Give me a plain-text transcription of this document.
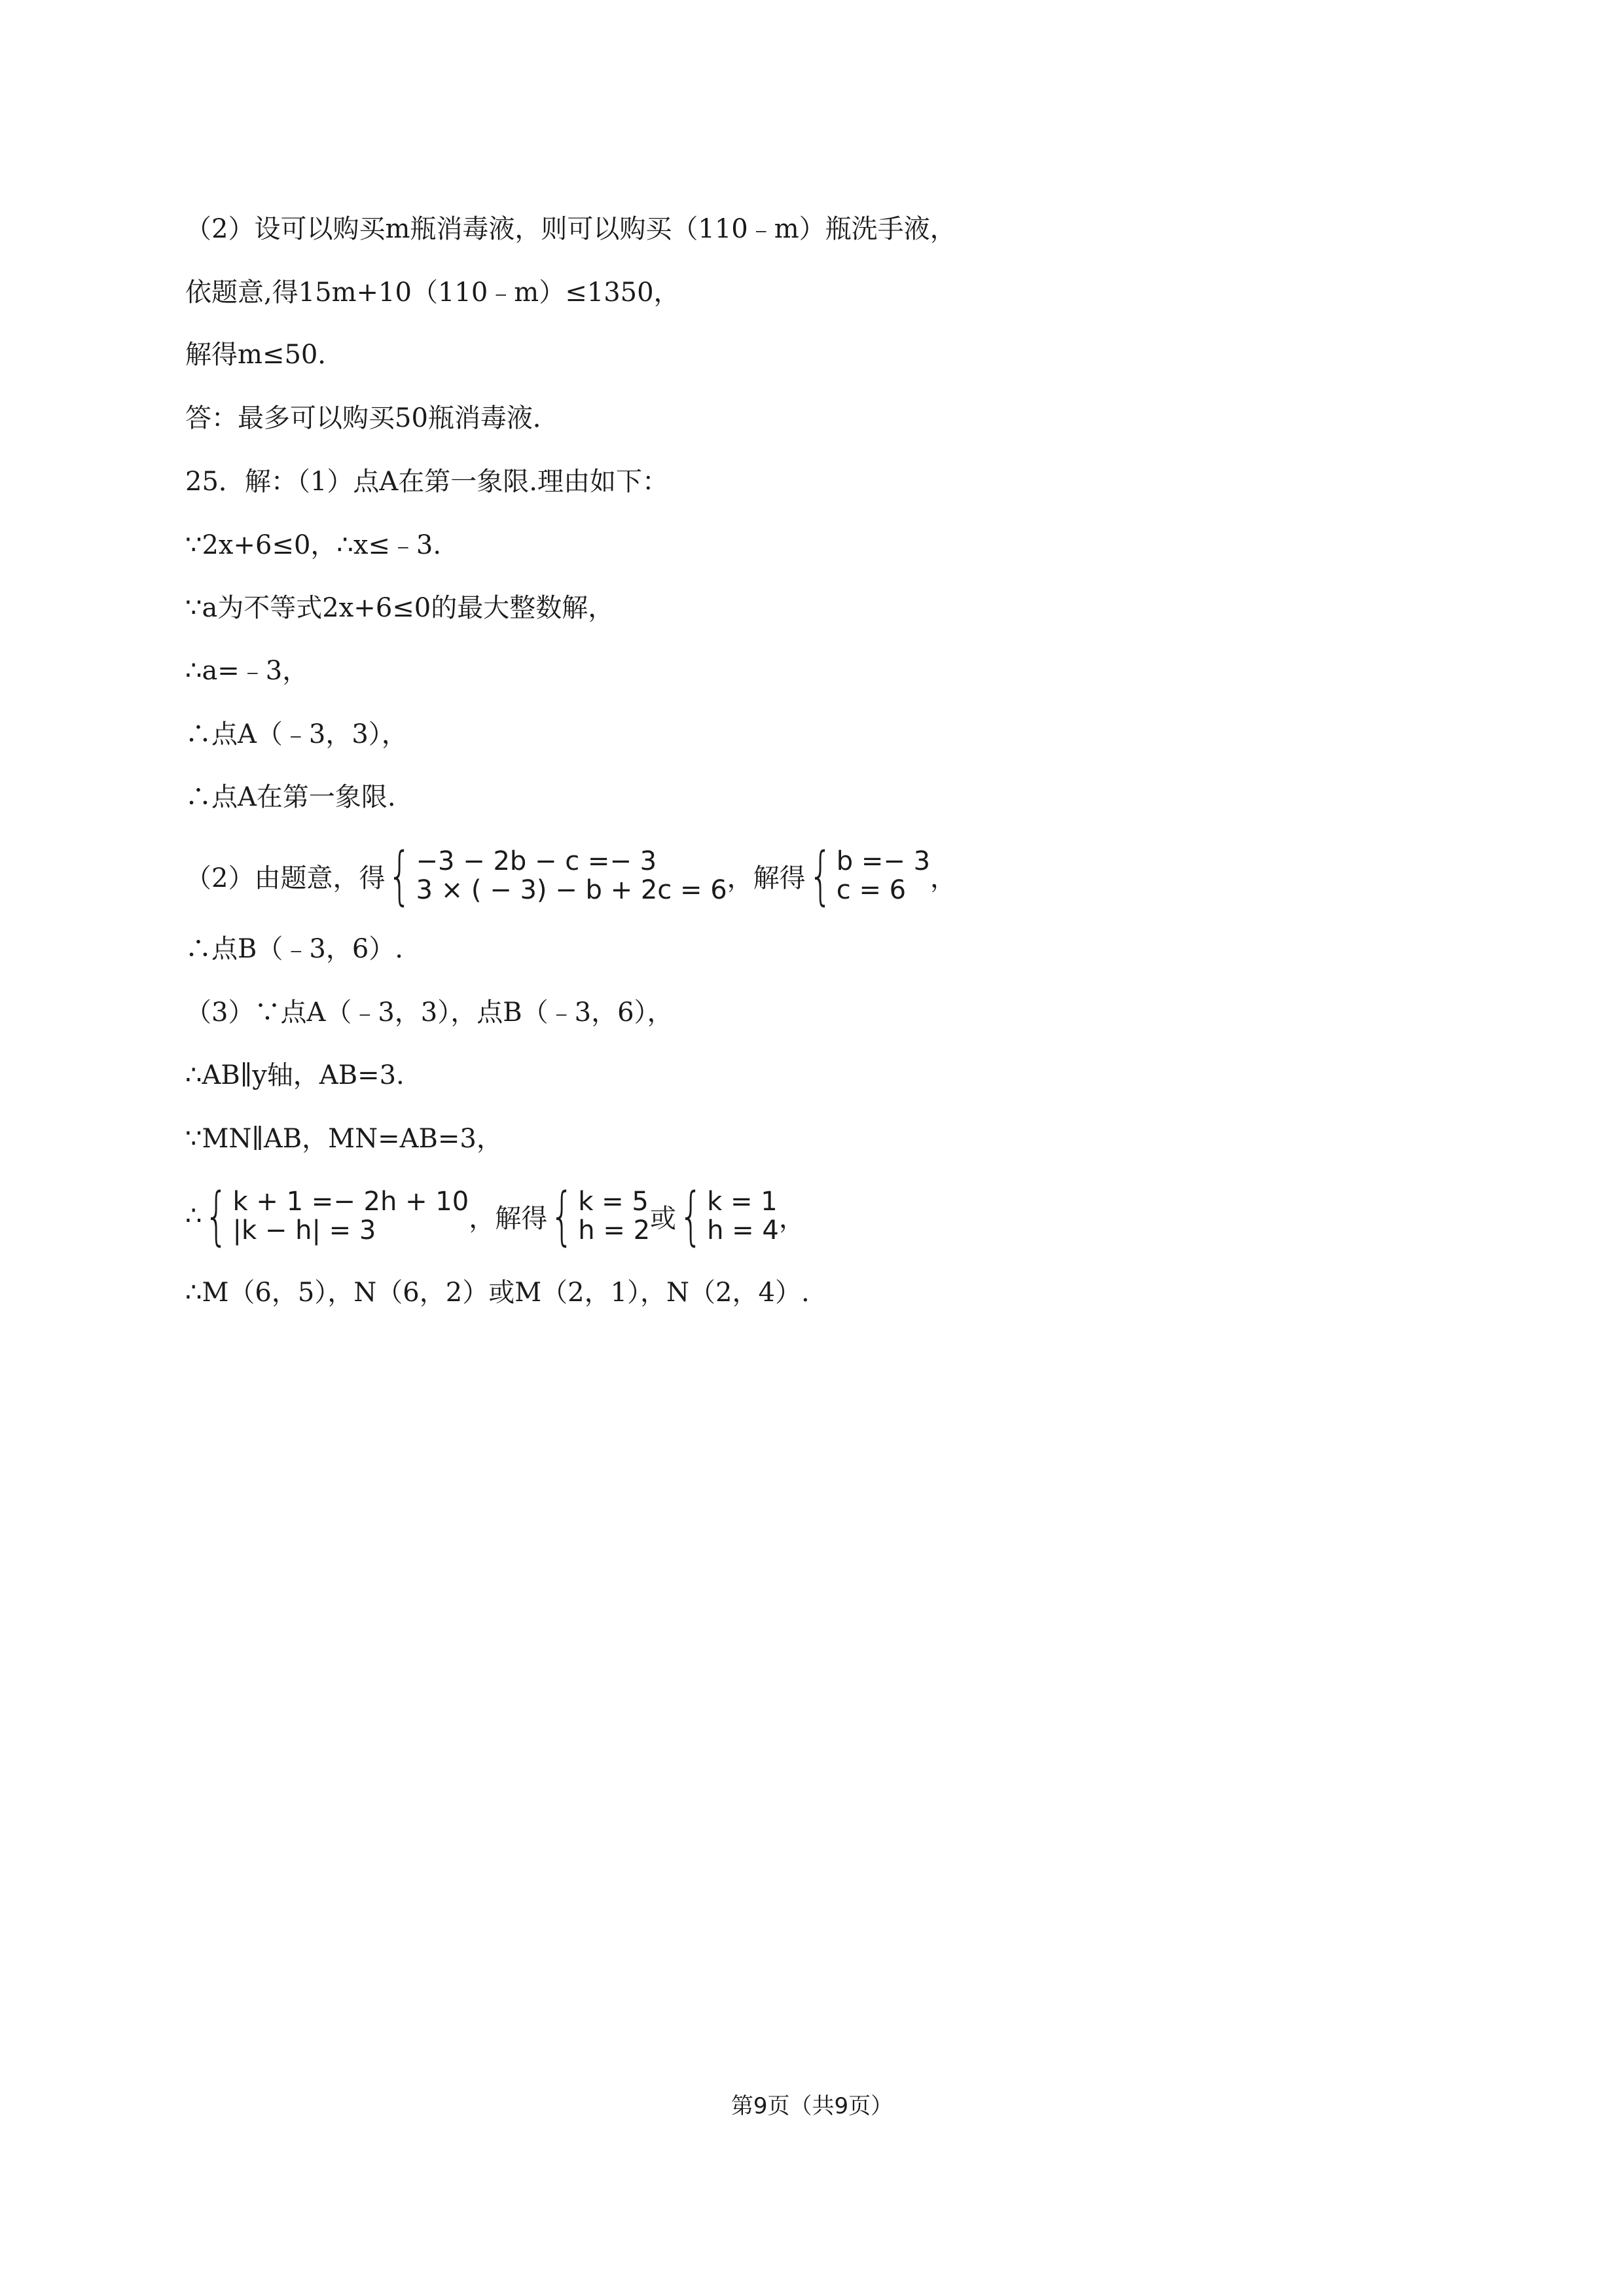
（2）设可以购买m瓶消毒液，则可以购买（110﹣m）瓶洗手液，
依题意,得15m+10（110﹣m）≤1350，
解得m≤50．
答：最多可以购买50瓶消毒液．
25．解：（1）点A在第一象限.理由如下：
∵2x+6≤0，∴x≤﹣3.
∵a为不等式2x+6≤0的最大整数解，
∴a=﹣3，
∴点A（﹣3，3），
∴点A在第一象限.
（2）由题意，得 { −3 − 2b − c =− 3
3 × ( − 3) − b + 2c = 6 ，解得 { b =− 3
c = 6 ，
∴点B（﹣3，6）.
（3）∵点A（﹣3，3），点B（﹣3，6），
∴AB∥y轴，AB=3.
∵MN∥AB，MN=AB=3，
∴ { k + 1 =− 2h + 10
|k − h| = 3	，解得 { k = 5
h = 2 或 { k = 1
h = 4 ，
∴M（6，5），N（6，2）或M（2，1），N（2，4）.
第9页（共9页）
